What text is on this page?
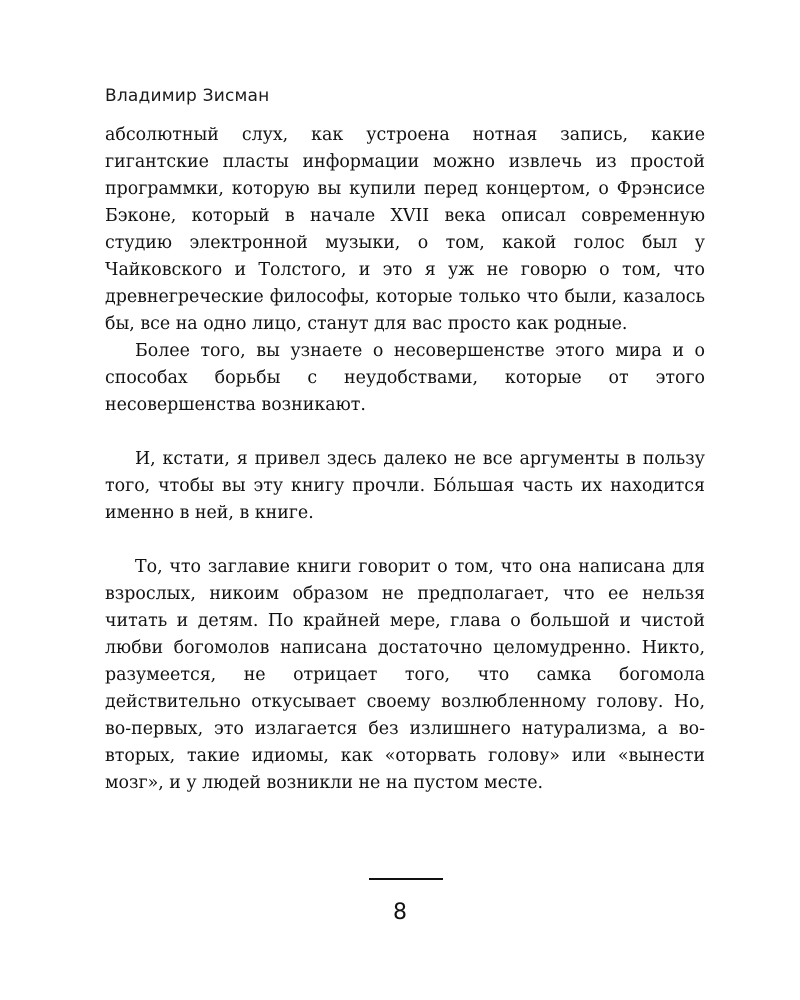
Владимир Зисман

абсолютный слух, как устроена нотная запись, какие гигантские пласты информации можно извлечь из простой программки, которую вы купили перед концертом, о Фрэнсисе Бэконе, который в начале XVII века описал современную студию электронной музыки, о том, какой голос был у Чайковского и Толстого, и это я уж не говорю о том, что древнегреческие философы, которые только что были, казалось бы, все на одно лицо, станут для вас просто как родные.

Более того, вы узнаете о несовершенстве этого мира и о способах борьбы с неудобствами, которые от этого несовершенства возникают.

И, кстати, я привел здесь далеко не все аргументы в пользу того, чтобы вы эту книгу прочли. Бóльшая часть их находится именно в ней, в книге.

То, что заглавие книги говорит о том, что она написана для взрослых, никоим образом не предполагает, что ее нельзя читать и детям. По крайней мере, глава о большой и чистой любви богомолов написана достаточно целомудренно. Никто, разумеется, не отрицает того, что самка богомола действительно откусывает своему возлюбленному голову. Но, во-первых, это излагается без излишнего натурализма, а во-вторых, такие идиомы, как «оторвать голову» или «вынести мозг», и у людей возникли не на пустом месте.

8
